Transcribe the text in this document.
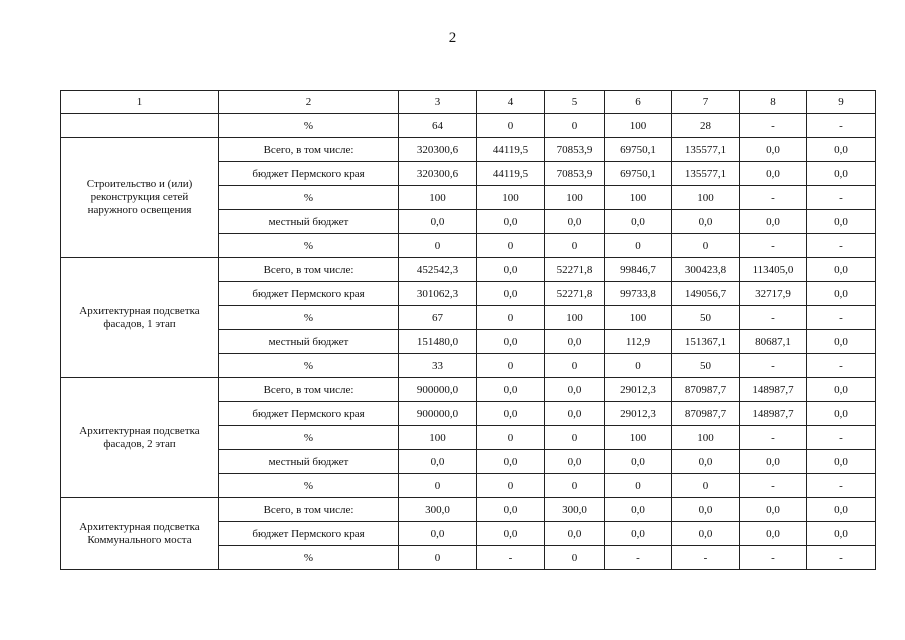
2
1	2	3	4	5	6	7	8	9
	%	64	0	0	100	28	-	-
Строительство и (или) реконструкция сетей наружного освещения	Всего, в том числе:	320300,6	44119,5	70853,9	69750,1	135577,1	0,0	0,0
	бюджет Пермского края	320300,6	44119,5	70853,9	69750,1	135577,1	0,0	0,0
	%	100	100	100	100	100	-	-
	местный бюджет	0,0	0,0	0,0	0,0	0,0	0,0	0,0
	%	0	0	0	0	0	-	-
Архитектурная подсветка фасадов, 1 этап	Всего, в том числе:	452542,3	0,0	52271,8	99846,7	300423,8	113405,0	0,0
	бюджет Пермского края	301062,3	0,0	52271,8	99733,8	149056,7	32717,9	0,0
	%	67	0	100	100	50	-	-
	местный бюджет	151480,0	0,0	0,0	112,9	151367,1	80687,1	0,0
	%	33	0	0	0	50	-	-
Архитектурная подсветка фасадов, 2 этап	Всего, в том числе:	900000,0	0,0	0,0	29012,3	870987,7	148987,7	0,0
	бюджет Пермского края	900000,0	0,0	0,0	29012,3	870987,7	148987,7	0,0
	%	100	0	0	100	100	-	-
	местный бюджет	0,0	0,0	0,0	0,0	0,0	0,0	0,0
	%	0	0	0	0	0	-	-
Архитектурная подсветка Коммунального моста	Всего, в том числе:	300,0	0,0	300,0	0,0	0,0	0,0	0,0
	бюджет Пермского края	0,0	0,0	0,0	0,0	0,0	0,0	0,0
	%	0	-	0	-	-	-	-
